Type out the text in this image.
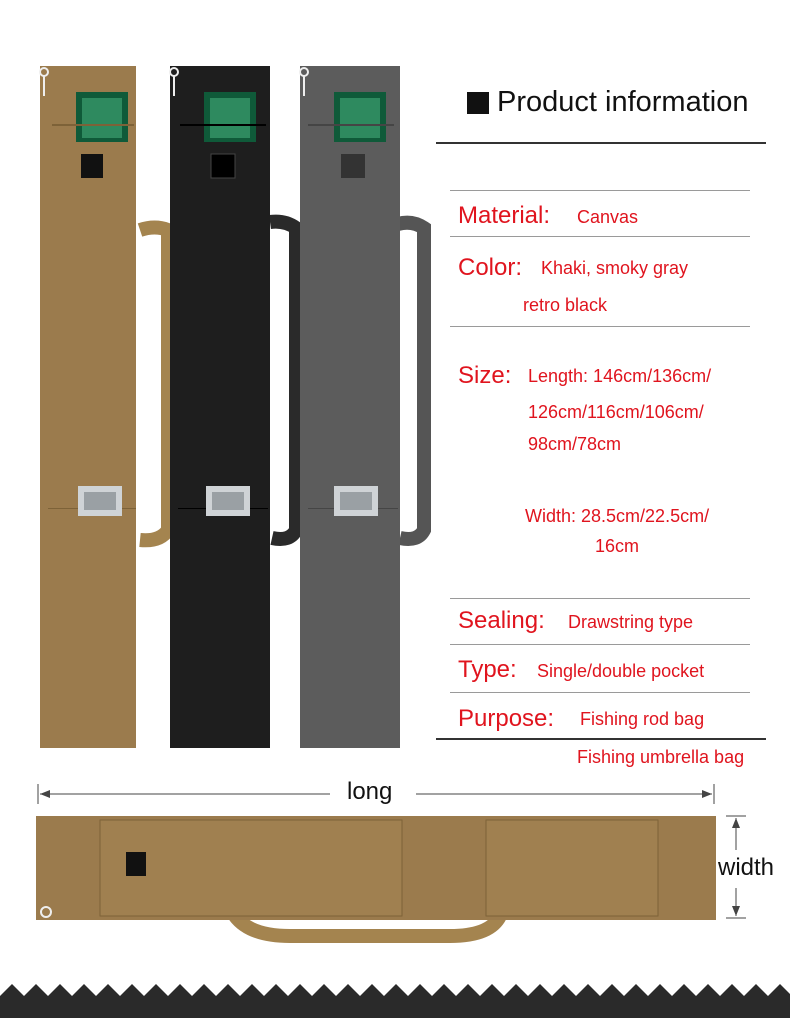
Product information
Material: Canvas
Color: Khaki, smoky gray
retro black
Size: Length: 146cm/136cm/
126cm/116cm/106cm/
98cm/78cm
Width: 28.5cm/22.5cm/
16cm
Sealing: Drawstring type
Type: Single/double pocket
Purpose: Fishing rod bag
Fishing umbrella bag
long
width
